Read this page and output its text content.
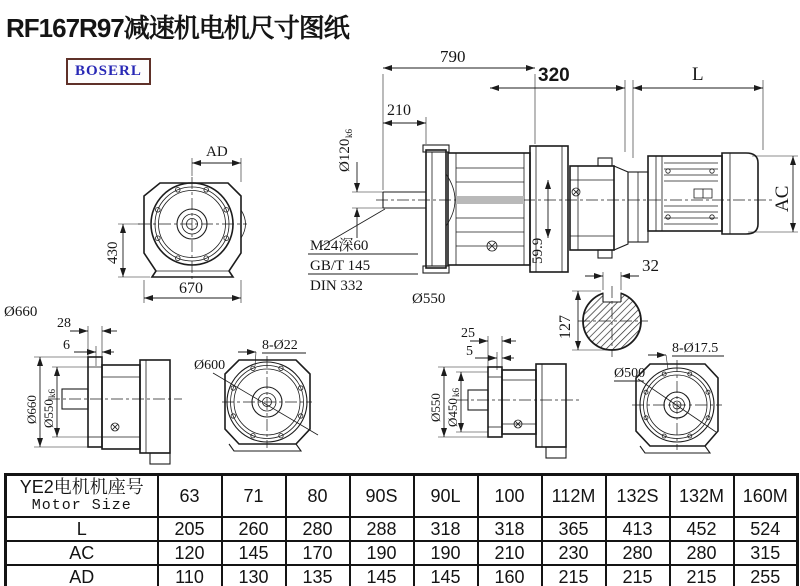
AD
430
670
59.9
790
320	L
210
Ø120
k6
M24深60
GB/T 145
DIN 332
Ø550
AC
32
127
Ø660
28
6
Ø660 Ø550
k6
Ø600
8-Ø22
25
5
Ø550 Ø450
k6
Ø500
8-Ø17.5
RF167R97减速机电机尺寸图纸
BOSERL
YE2电机机座号
Motor Size	63	71	80	90S	90L	100	112M	132S	132M	160M
L	205	260	280	288	318	318	365	413	452	524
AC	120	145	170	190	190	210	230	280	280	315
AD	110	130	135	145	145	160	215	215	215	255
